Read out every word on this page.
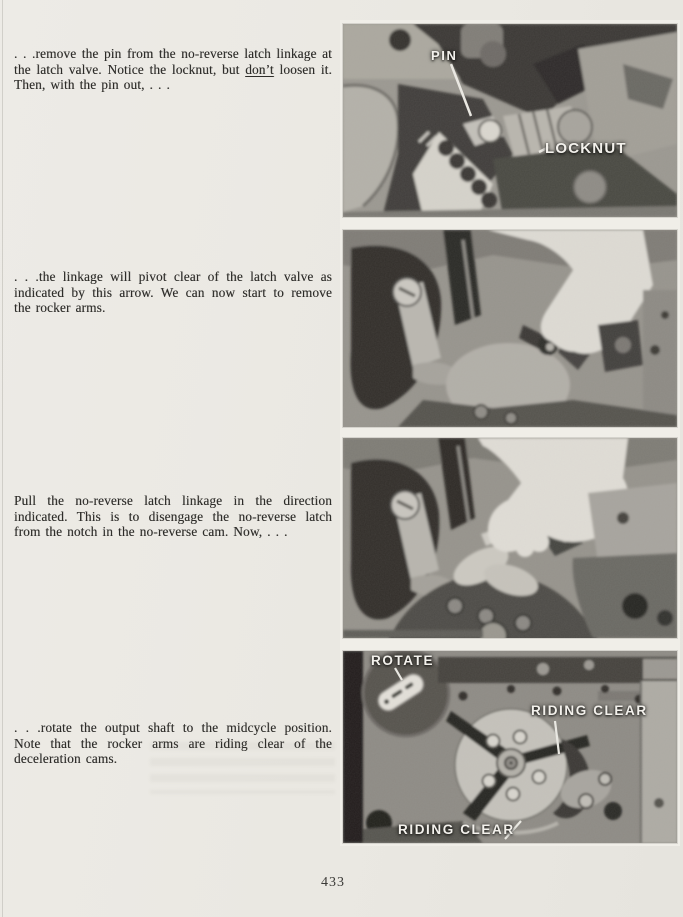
. . .remove the pin from the no-reverse latch linkage at the latch valve. Notice the locknut, but don’t loosen it. Then, with the pin out, . . .
. . .the linkage will pivot clear of the latch valve as indicated by this arrow. We can now start to remove the rocker arms.
Pull the no-reverse latch linkage in the direction indicated. This is to disengage the no-reverse latch from the notch in the no-reverse cam. Now, . . .
. . .rotate the output shaft to the midcycle position. Note that the rocker arms are riding clear of the deceleration cams.
PIN
LOCKNUT
ROTATE
RIDING CLEAR
RIDING CLEAR
433
